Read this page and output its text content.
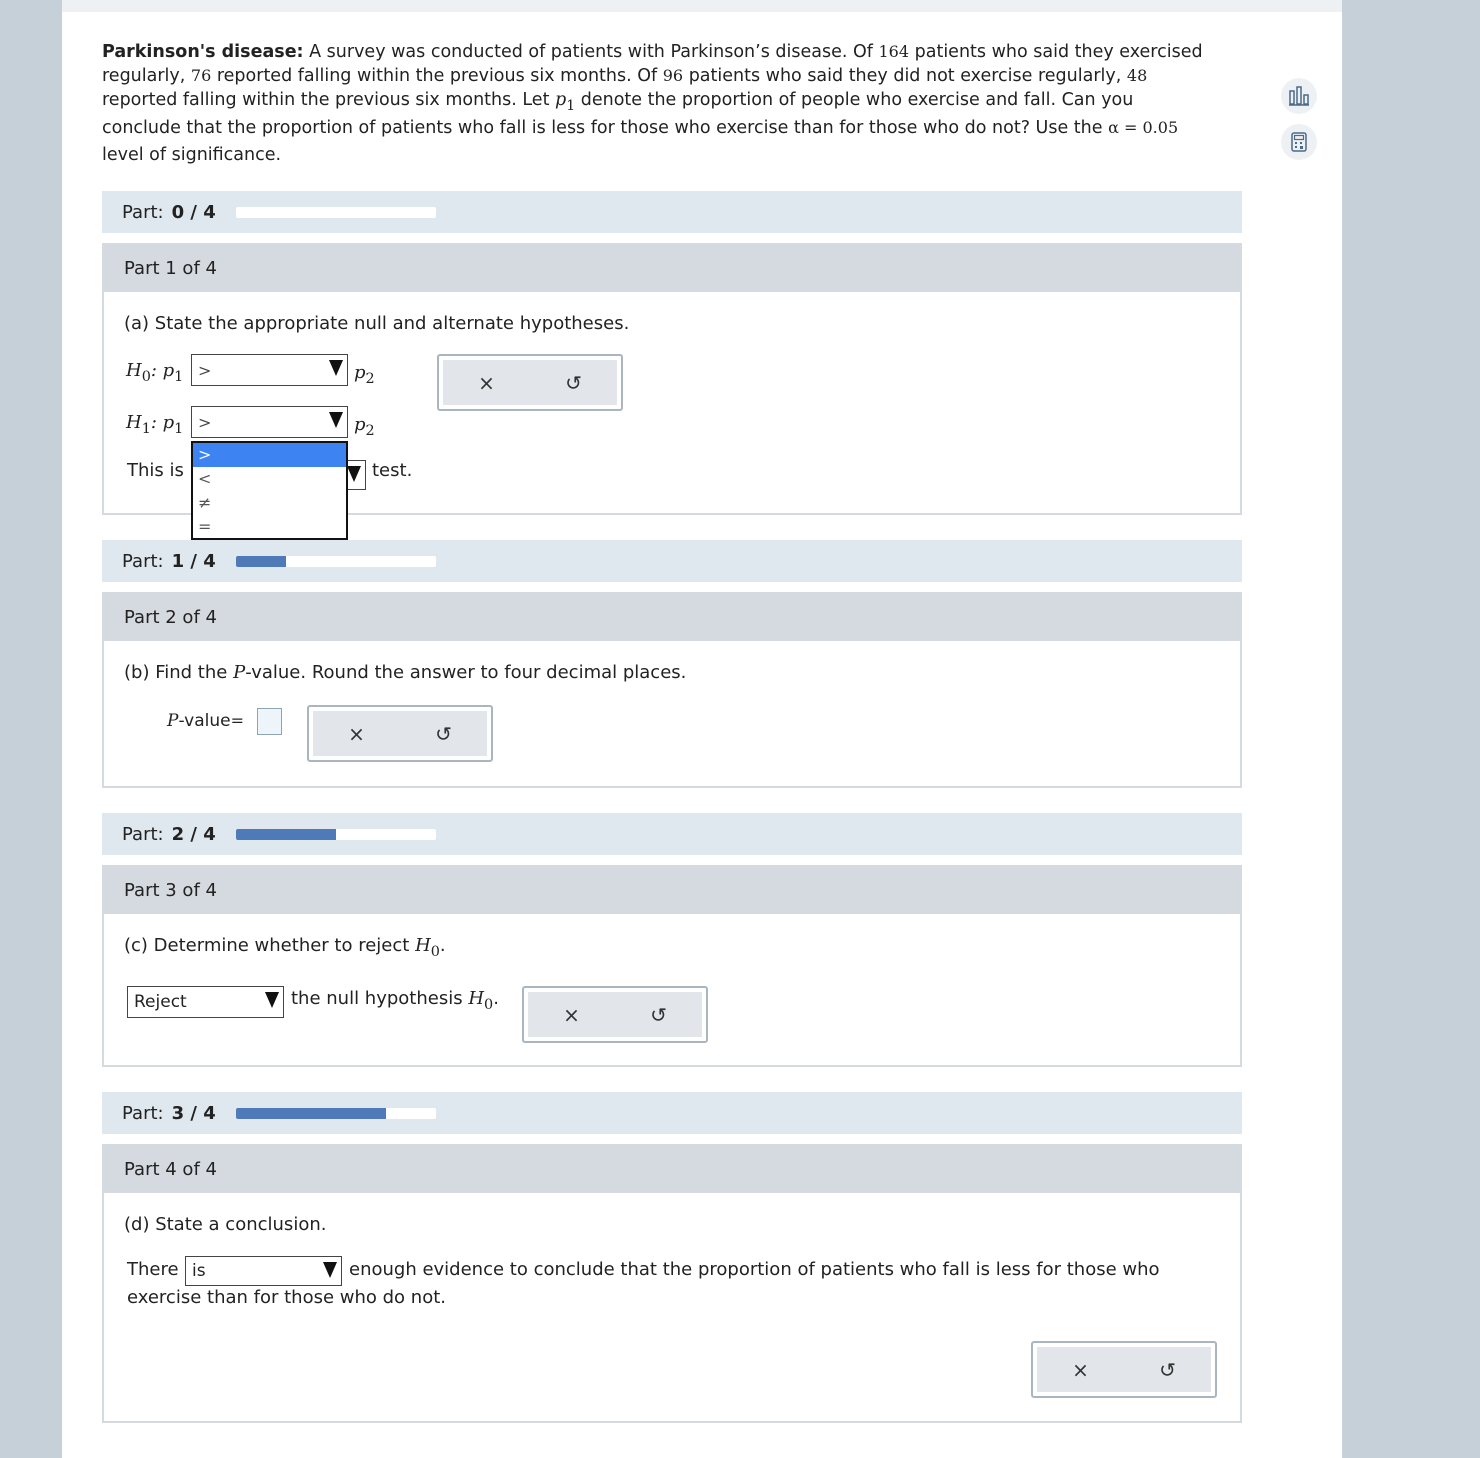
Parkinson's disease: A survey was conducted of patients with Parkinson’s disease. Of 164 patients who said they exercised
regularly, 76 reported falling within the previous six months. Of 96 patients who said they did not exercise regularly, 48
reported falling within the previous six months. Let $p_1$ denote the proportion of people who exercise and fall. Can you
conclude that the proportion of patients who fall is less for those who exercise than for those who do not? Use the α = 0.05
level of significance.
Part: 0 / 4
Part 1 of 4
(a) State the appropriate null and alternate hypotheses.
$H_0$: $p_1$ >	$p_2$
$H_1$: $p_1$ >	$p_2$
This is	test.
×	↺
>
<
≠
=
Part: 1 / 4
Part 2 of 4
(b) Find the P-value. Round the answer to four decimal places.
P-value=
×	↺
Part: 2 / 4
Part 3 of 4
(c) Determine whether to reject $H_0$.
Reject	the null hypothesis $H_0$.
×	↺
Part: 3 / 4
Part 4 of 4
(d) State a conclusion.
There is	enough evidence to conclude that the proportion of patients who fall is less for those who
exercise than for those who do not.
×	↺
